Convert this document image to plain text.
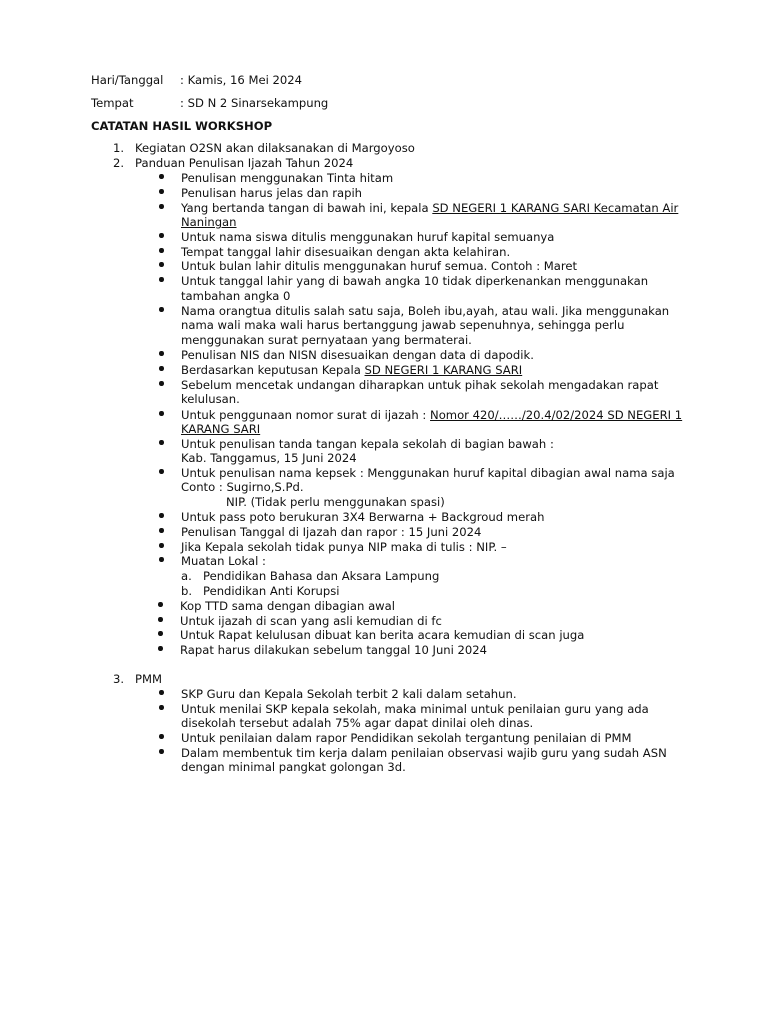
Hari/Tanggal : Kamis, 16 Mei 2024
Tempat	: SD N 2 Sinarsekampung
CATATAN HASIL WORKSHOP
1. Kegiatan O2SN akan dilaksanakan di Margoyoso
2. Panduan Penulisan Ijazah Tahun 2024
Penulisan menggunakan Tinta hitam
Penulisan harus jelas dan rapih
Yang bertanda tangan di bawah ini, kepala SD NEGERI 1 KARANG SARI Kecamatan Air
Naningan
Untuk nama siswa ditulis menggunakan huruf kapital semuanya
Tempat tanggal lahir disesuaikan dengan akta kelahiran.
Untuk bulan lahir ditulis menggunakan huruf semua. Contoh : Maret
Untuk tanggal lahir yang di bawah angka 10 tidak diperkenankan menggunakan
tambahan angka 0
Nama orangtua ditulis salah satu saja, Boleh ibu,ayah, atau wali. Jika menggunakan
nama wali maka wali harus bertanggung jawab sepenuhnya, sehingga perlu
menggunakan surat pernyataan yang bermaterai.
Penulisan NIS dan NISN disesuaikan dengan data di dapodik.
Berdasarkan keputusan Kepala SD NEGERI 1 KARANG SARI
Sebelum mencetak undangan diharapkan untuk pihak sekolah mengadakan rapat
kelulusan.
Untuk penggunaan nomor surat di ijazah : Nomor 420/……/20.4/02/2024 SD NEGERI 1
KARANG SARI
Untuk penulisan tanda tangan kepala sekolah di bagian bawah :
Kab. Tanggamus, 15 Juni 2024
Untuk penulisan nama kepsek : Menggunakan huruf kapital dibagian awal nama saja
Conto : Sugirno,S.Pd.
NIP. (Tidak perlu menggunakan spasi)
Untuk pass poto berukuran 3X4 Berwarna + Backgroud merah
Penulisan Tanggal di Ijazah dan rapor : 15 Juni 2024
Jika Kepala sekolah tidak punya NIP maka di tulis : NIP. –
Muatan Lokal :
a. Pendidikan Bahasa dan Aksara Lampung
b. Pendidikan Anti Korupsi
Kop TTD sama dengan dibagian awal
Untuk ijazah di scan yang asli kemudian di fc
Untuk Rapat kelulusan dibuat kan berita acara kemudian di scan juga
Rapat harus dilakukan sebelum tanggal 10 Juni 2024
3. PMM
SKP Guru dan Kepala Sekolah terbit 2 kali dalam setahun.
Untuk menilai SKP kepala sekolah, maka minimal untuk penilaian guru yang ada
disekolah tersebut adalah 75% agar dapat dinilai oleh dinas.
Untuk penilaian dalam rapor Pendidikan sekolah tergantung penilaian di PMM
Dalam membentuk tim kerja dalam penilaian observasi wajib guru yang sudah ASN
dengan minimal pangkat golongan 3d.
